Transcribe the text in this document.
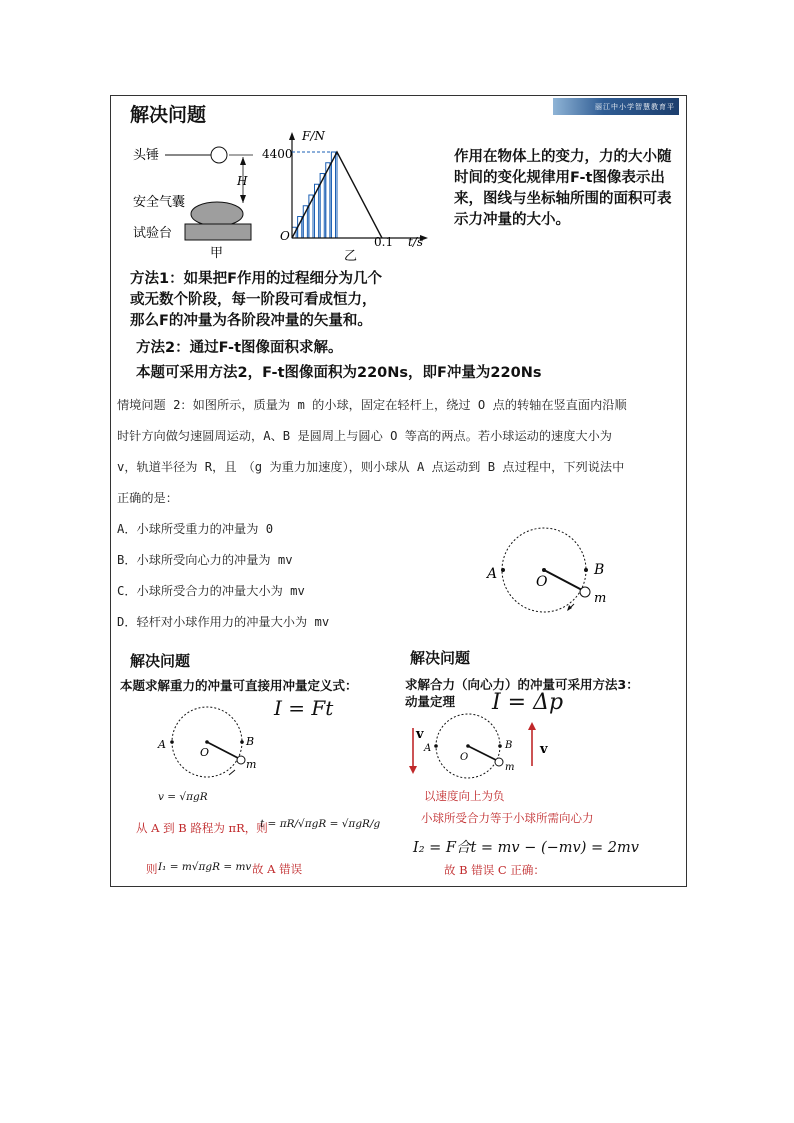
丽江中小学智慧教育平
解决问题
头锤
H
安全气囊
试验台
甲
F/N
4400
O	0.1 t/s
乙
作用在物体上的变力，力的大小随时间的变化规律用F-t图像表示出来，图线与坐标轴所围的面积可表示力冲量的大小。
方法1：如果把F作用的过程细分为几个
或无数个阶段，每一阶段可看成恒力，
那么F的冲量为各阶段冲量的矢量和。
方法2：通过F-t图像面积求解。
本题可采用方法2，F-t图像面积为220Ns，即F冲量为220Ns
情境问题 2：如图所示，质量为 m 的小球，固定在轻杆上，绕过 O 点的转轴在竖直面内沿顺
时针方向做匀速圆周运动，A、B 是圆周上与圆心 O 等高的两点。若小球运动的速度大小为
v，轨道半径为 R，且　（g 为重力加速度），则小球从 A 点运动到 B 点过程中，下列说法中
正确的是：
A．小球所受重力的冲量为 0
B．小球所受向心力的冲量为 mv
C．小球所受合力的冲量大小为 mv
D．轻杆对小球作用力的冲量大小为 mv
A	B
O
m
解决问题
本题求解重力的冲量可直接用冲量定义式：
I = Ft
A	B
O
m
v = √πgR
从 A 到 B 路程为 πR，则
t = πR/√πgR = √πgR/g
则 I₁ = m√πgR = mv 故 A 错误
解决问题
求解合力（向心力）的冲量可采用方法3：
动量定理 I = Δp
v
A	B
O
m
v
以速度向上为负
小球所受合力等于小球所需向心力
I₂ = F合t = mv − (−mv) = 2mv
故 B 错误 C 正确：
